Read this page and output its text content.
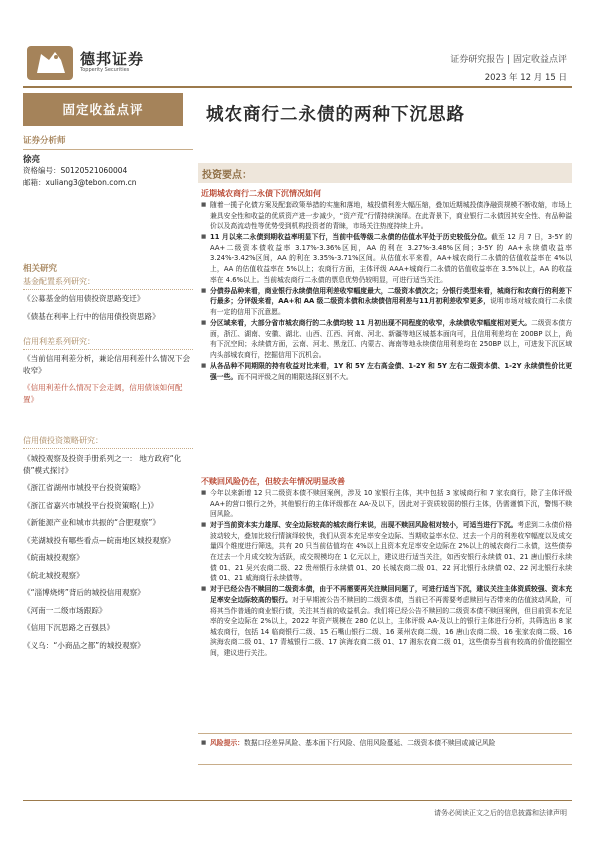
德邦证券
Topperity Securities
证券研究报告 | 固定收益点评
2023 年 12 月 15 日
固定收益点评
证券分析师
徐亮
资格编号：S0120521060004
邮箱：xuliang3@tebon.com.cn
相关研究
基金配置系列研究：
《公募基金的信用债投资思路变迁》
《债基在利率上行中的信用债投资思路》
信用利差系列研究：
《当前信用利差分析，兼论信用利差什么情况下会收窄》
《信用利差什么情况下会走阔，信用债该如何配置》
信用债投资策略研究：
《城投观察及投资手册系列之一： 地方政府“化债”模式探讨》
《浙江省湖州市城投平台投资策略》
《浙江省嘉兴市城投平台投资策略(上)》
《新能源产业和城市共振的“合肥观察”》
《芜湖城投有哪些看点—皖南地区城投观察》
《皖南城投观察》
《皖北城投观察》
《“淄博烧烤”背后的城投信用观察》
《河南一二级市场跟踪》
《信用下沉思路之百强县》
《义乌：“小商品之都”的城投观察》
城农商行二永债的两种下沉思路
投资要点：
近期城农商行二永债下沉情况如何
■ 随着一揽子化债方案及配套政策举措的实施和落地，城投债利差大幅压缩，叠加近期城投债净融资规模不断收缩，市场上兼具安全性和收益的优质资产进一步减少，“资产荒”行情持续演绎。在此背景下，商业银行二永债因其安全性、有品种溢价以及高流动性等优势受到机构投资者的青睐，市场关注热度持续上升。
■ 11 月以来二永债到期收益率明显下行，当前中低等级二永债的估值水平处于历史较低分位。截至 12 月 7 日，3-5Y 的 AA+二级资本债收益率 3.17%-3.36%区间，AA 的利在 3.27%-3.48%区间；3-5Y 的 AA+永续债收益率 3.24%-3.42%区间，AA 的利在 3.35%-3.71%区间。从估值水平来看，AA+城农商行二永债的估值收益率在 4%以上，AA 的估值收益率在 5%以上；农商行方面，主体评级 AAA+城商行二永债的估值收益率在 3.5%以上，AA 的收益率在 4.6%以上。当前城农商行二永债的票息优势仍较明显，可进行适当关注。
■ 分债券品种来看，商业银行永续债信用利差收窄幅度最大，二级资本债次之；分银行类型来看，城商行和农商行的利差下行最多；分评级来看，AA+和 AA 级二级资本债和永续债信用利差与11月初利差收窄更多，说明市场对城农商行二永债有一定的信用下沉意愿。
■ 分区域来看，大部分省市城农商行的二永债均较 11 月初出现不同程度的收窄，永续债收窄幅度相对更大。二级资本债方面，浙江、湖南、安徽、湖北、山西、江西、河南、河北、新疆等地区城基本面向可，且信用利差均在 200BP 以上，尚有下沉空间；永续债方面，云南、河北、黑龙江、内蒙古、海南等地永续债信用利差均在 250BP 以上，可进发下沉区域内头部城农商行，挖掘信用下沉机会。
■ 从各品种不同期限的持有收益对比来看，1Y 和 5Y 左右高金债、1-2Y 和 5Y 左右二级资本债、1-2Y 永续债性价比更强一些。而不同评级之间的期限选择区别不大。
不赎回风险仍在，但较去年情况明显改善
■ 今年以来新增 12 只二级资本债不赎回案例，涉及 10 家银行主体，其中包括 3 家城商行和 7 家农商行，除了主体评级 AA+的营口银行之外，其他银行的主体评级都在 AA-及以下，因此对于资质较弱的银行主体，仍需谨慎下沉，警惕不赎回风险。
■ 对于当前资本实力雄厚、安全边际较高的城农商行来说，出现不赎回风险相对较小，可适当进行下沉。考虑到二永债价格波动较大，叠加比较行情演绎较快，我们从资本充足率安全边际、当期收益率水位、过去一个月的利差收窄幅度以及成交量四个维度进行筛选，共有 20 只当前估值均在 4%以上且资本充足率安全边际在 2%以上的城农商行二永债，这些债券在过去一个月成交较为活跃，成交规模均在 1 亿元以上，建议进行适当关注，如西安银行永续债 01、21 唐山银行永续债 01、21 吴兴农商二级、22 贵州银行永续债 01、20 长城农商二级 01、22 河北银行永续债 02、22 河北银行永续债 01、21 威海商行永续债等。
■ 对于已经公告不赎回的二级资本债，由于不再需要再关注赎回问题了，可进行适当下沉，建议关注主体资质较强、资本充足率安全边际较高的银行。对于早期被公告不赎回的二级资本债，当前已不再需要考虑赎回与否带来的估值波动风险，可将其当作普通的商业银行债，关注其当前的收益机会。我们将已经公告不赎回的二级资本债不赎回案例，但目前资本充足率的安全边际在 2%以上，2022 年资产规模在 280 亿以上，主体评级 AA-及以上的银行主体进行分析，共筛选出 8 家城农商行，包括 14 临商银行二级、15 石嘴山银行二级、16 莱州农商二级、16 唐山农商二级、16 张家农商二级、16 滨海农商二级 01、17 青城银行二级、17 滨海农商二级 01、17 湘东农商二级 01，这些债券当前有较高的价值挖掘空间，建议进行关注。
■ 风险提示：数据口径差异风险、基本面下行风险、信用风险蔓延、二级资本债不赎回或减记风险
请务必阅读正文之后的信息披露和法律声明
